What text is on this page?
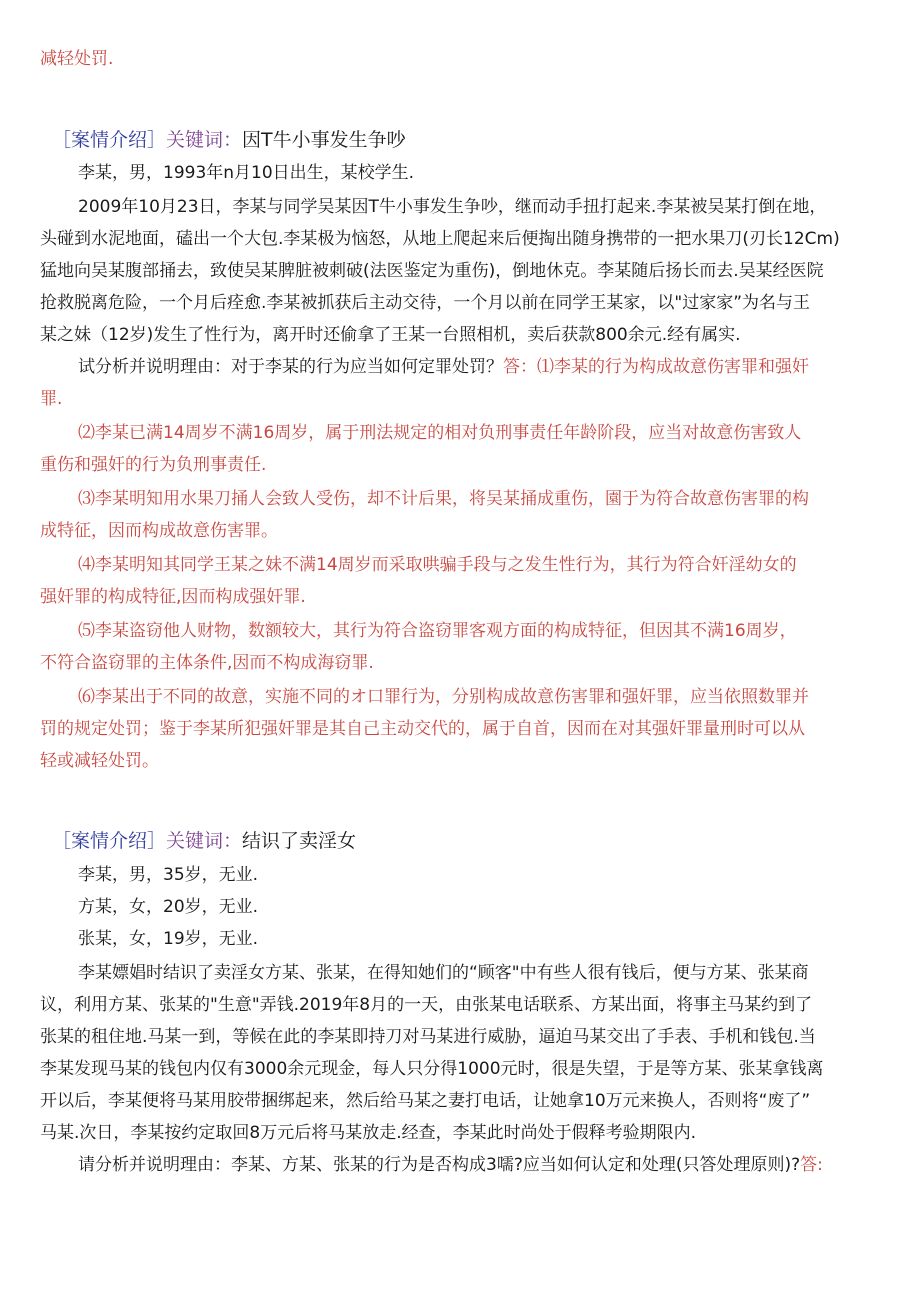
减轻处罚.

［案情介绍］关键词：因T牛小事发生争吵

李某，男，1993年n月10日出生，某校学生.

2009年10月23日，李某与同学吴某因T牛小事发生争吵，继而动手扭打起来.李某被吴某打倒在地，

头碰到水泥地面，磕出一个大包.李某极为恼怒，从地上爬起来后便掏出随身携带的一把水果刀(刃长12Cm)

猛地向吴某腹部捅去，致使吴某脾脏被刺破(法医鉴定为重伤)，倒地休克。李某随后扬长而去.吴某经医院

抢救脱离危险，一个月后痊愈.李某被抓获后主动交待，一个月以前在同学王某家，以"过家家”为名与王

某之妹（12岁)发生了性行为，离开时还偷拿了王某一台照相机，卖后获款800余元.经有属实.

试分析并说明理由：对于李某的行为应当如何定罪处罚？答：⑴李某的行为构成故意伤害罪和强奸

罪.

⑵李某已满14周岁不满16周岁，属于刑法规定的相对负刑事责任年龄阶段，应当对故意伤害致人

重伤和强奸的行为负刑事责任.

⑶李某明知用水果刀捅人会致人受伤，却不计后果，将吴某捅成重伤，園于为符合故意伤害罪的构

成特征，因而构成故意伤害罪。

⑷李某明知其同学王某之妹不满14周岁而采取哄骗手段与之发生性行为，其行为符合奸淫幼女的

强奸罪的构成特征,因而构成强奸罪.

⑸李某盗窃他人财物，数额较大，其行为符合盗窃罪客观方面的构成特征，但因其不满16周岁，

不符合盗窃罪的主体条件,因而不构成海窃罪.

⑹李某出于不同的故意，实施不同的オ口罪行为，分别构成故意伤害罪和强奸罪，应当依照数罪并

罚的规定处罚；鉴于李某所犯强奸罪是其自己主动交代的，属于自首，因而在对其强奸罪量刑时可以从

轻或减轻处罚。

［案情介绍］关键词：结识了卖淫女

李某，男，35岁，无业.

方某，女，20岁，无业.

张某，女，19岁，无业.

李某嫖娼时结识了卖淫女方某、张某，在得知她们的“顾客"中有些人很有钱后，便与方某、张某商

议，利用方某、张某的"生意"弄钱.2019年8月的一天，由张某电话联系、方某出面，将事主马某约到了

张某的租住地.马某一到，等候在此的李某即持刀对马某进行威胁，逼迫马某交出了手表、手机和钱包.当

李某发现马某的钱包内仅有3000余元现金，每人只分得1000元时，很是失望，于是等方某、张某拿钱离

开以后，李某便将马某用胶带捆绑起来，然后给马某之妻打电话，让她拿10万元来换人，否则将“废了”

马某.次日，李某按约定取回8万元后将马某放走.经查，李某此时尚处于假释考验期限内.

请分析并说明理由：李某、方某、张某的行为是否构成3嚅?应当如何认定和处理(只答处理原则)?答:
